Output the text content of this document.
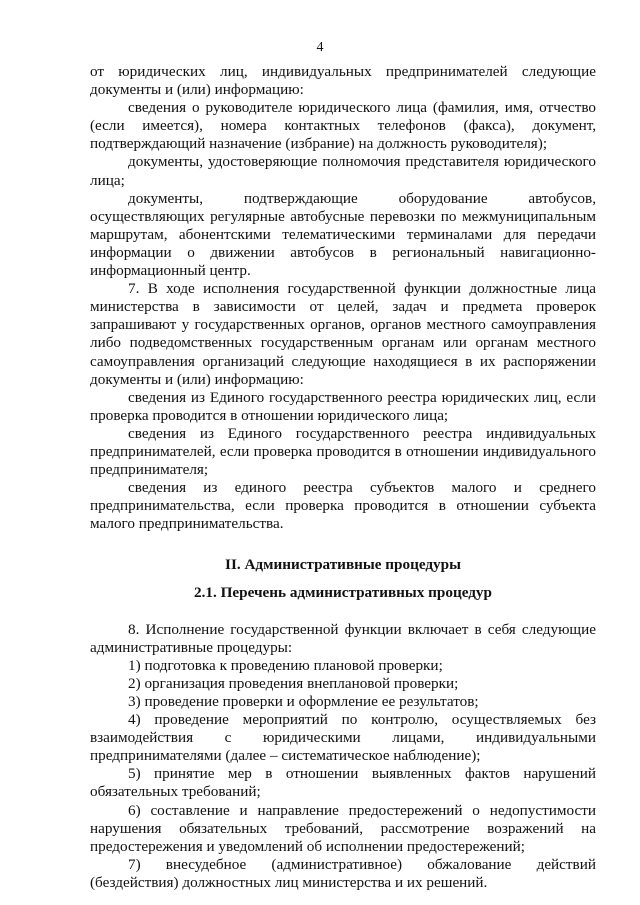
4

от юридических лиц, индивидуальных предпринимателей следующие документы и (или) информацию:

сведения о руководителе юридического лица (фамилия, имя, отчество (если имеется), номера контактных телефонов (факса), документ, подтверждающий назначение (избрание) на должность руководителя);

документы, удостоверяющие полномочия представителя юридического лица;

документы, подтверждающие оборудование автобусов, осуществляющих регулярные автобусные перевозки по межмуниципальным маршрутам, абонентскими телематическими терминалами для передачи информации о движении автобусов в региональный навигационно-информационный центр.

7. В ходе исполнения государственной функции должностные лица министерства в зависимости от целей, задач и предмета проверок запрашивают у государственных органов, органов местного самоуправления либо подведомственных государственным органам или органам местного самоуправления организаций следующие находящиеся в их распоряжении документы и (или) информацию:

сведения из Единого государственного реестра юридических лиц, если проверка проводится в отношении юридического лица;

сведения из Единого государственного реестра индивидуальных предпринимателей, если проверка проводится в отношении индивидуального предпринимателя;

сведения из единого реестра субъектов малого и среднего предпринимательства, если проверка проводится в отношении субъекта малого предпринимательства.

II. Административные процедуры

2.1. Перечень административных процедур

8. Исполнение государственной функции включает в себя следующие административные процедуры:

1) подготовка к проведению плановой проверки;

2) организация проведения внеплановой проверки;

3) проведение проверки и оформление ее результатов;

4) проведение мероприятий по контролю, осуществляемых без взаимодействия с юридическими лицами, индивидуальными предпринимателями (далее – систематическое наблюдение);

5) принятие мер в отношении выявленных фактов нарушений обязательных требований;

6) составление и направление предостережений о недопустимости нарушения обязательных требований, рассмотрение возражений на предостережения и уведомлений об исполнении предостережений;

7) внесудебное (административное) обжалование действий (бездействия) должностных лиц министерства и их решений.
